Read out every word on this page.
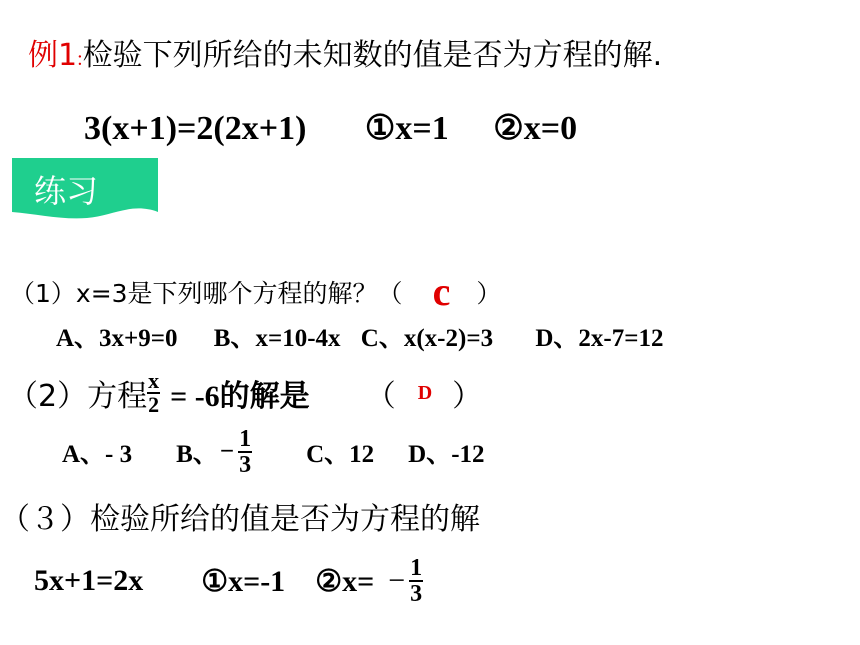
例1:检验下列所给的未知数的值是否为方程的解.
3(x+1)=2(2x+1) ①x=1 ②x=0
练习
（1）x=3是下列哪个方程的解？（ c ）
A、3x+9=0 B、x=10-4x C、x(x-2)=3 D、2x-7=12
（2）方程 $\frac{x}{2} = -6$的解是 （ D ）
A、- 3 B、 − $\frac{1}{3}$ C、12 D、-12
（３）检验所给的值是否为方程的解
5x+1=2x ①x=-1 ②x= − $\frac{1}{3}$
